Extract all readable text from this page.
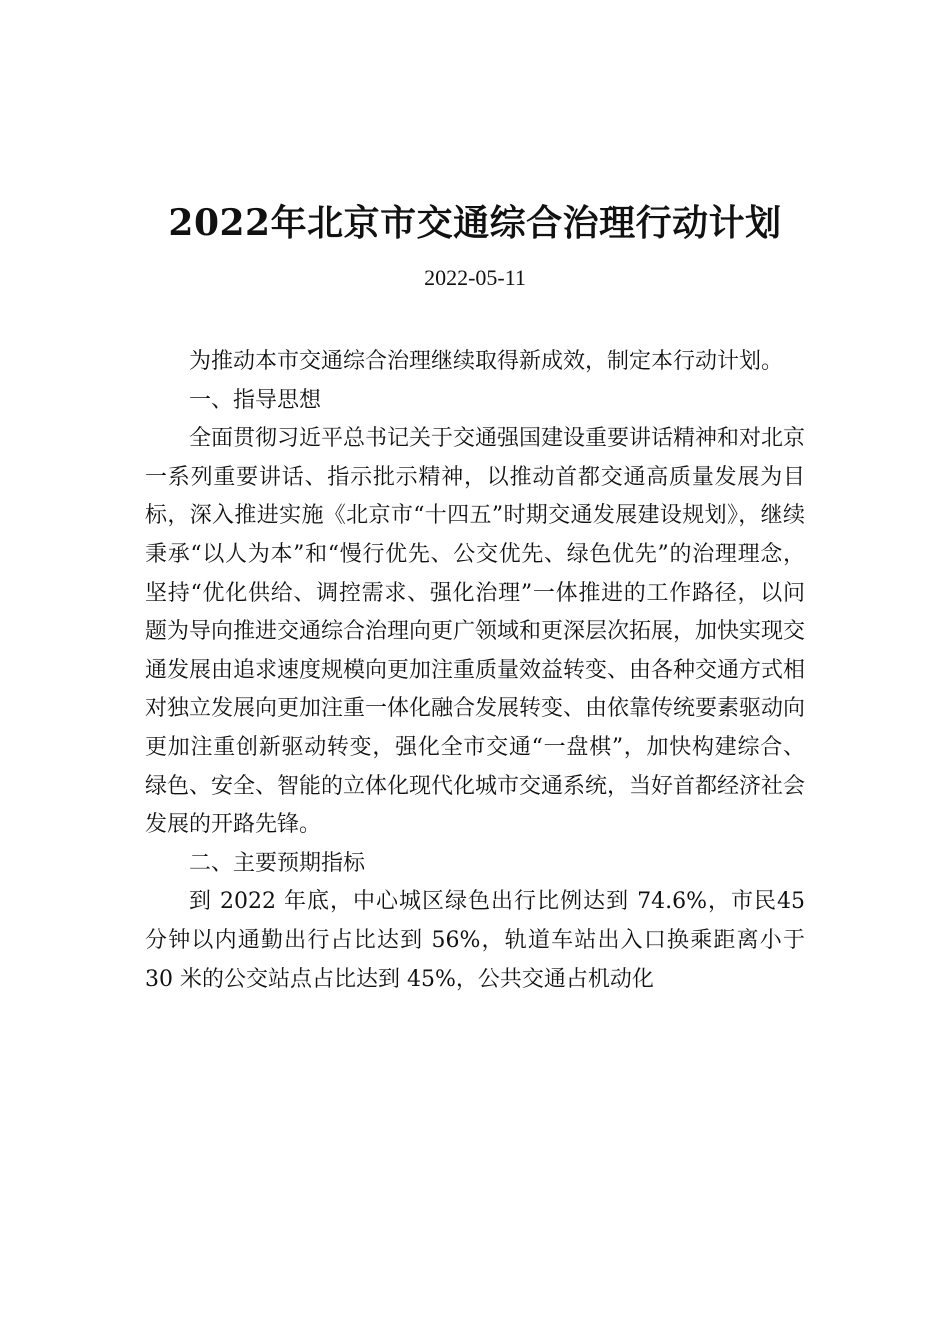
2022年北京市交通综合治理行动计划
2022-05-11

为推动本市交通综合治理继续取得新成效，制定本行动计划。

一、指导思想

全面贯彻习近平总书记关于交通强国建设重要讲话精神和对北京一系列重要讲话、指示批示精神，以推动首都交通高质量发展为目标，深入推进实施《北京市“十四五”时期交通发展建设规划》，继续秉承“以人为本”和“慢行优先、公交优先、绿色优先”的治理理念，坚持“优化供给、调控需求、强化治理”一体推进的工作路径，以问题为导向推进交通综合治理向更广领域和更深层次拓展，加快实现交通发展由追求速度规模向更加注重质量效益转变、由各种交通方式相对独立发展向更加注重一体化融合发展转变、由依靠传统要素驱动向更加注重创新驱动转变，强化全市交通“一盘棋”，加快构建综合、绿色、安全、智能的立体化现代化城市交通系统，当好首都经济社会发展的开路先锋。

二、主要预期指标

到 2022 年底，中心城区绿色出行比例达到 74.6%，市民45 分钟以内通勤出行占比达到 56%，轨道车站出入口换乘距离小于 30 米的公交站点占比达到 45%，公共交通占机动化
